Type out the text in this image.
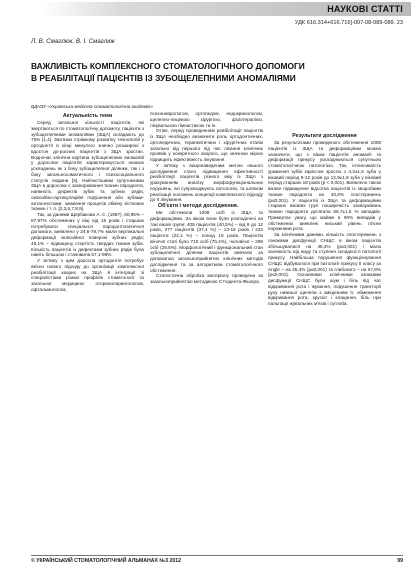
НАУКОВІ СТАТТІ
УДК 616.314+616.716]-007-08-089-089. 23
Л. В. Смаглюк, В. І. Смаглюк
ВАЖЛИВІСТЬ КОМПЛЕКСНОГО СТОМАТОЛОГІЧНОГО ДОПОМОГИ
В РЕАБІЛІТАЦІЇ ПАЦІЄНТІВ ІЗ ЗУБОЩЕЛЕПНИМИ АНОМАЛІЯМИ
ВДНЗУ «Українська медична стоматологічна академія»

Актуальність теми

Серед загальної кількості пацієнтів, які звертаються по стоматологічну допомогу, пацієнти з зубощелепними аномаліями (ЗЩА) складають до 75% [1,4]. Зав'язки стрімкому розвитку технологій у ортодонтії в кінці минулого значно розширені з вдостон до-росних пацієнтів з ЗЩА зростає. Водночас клінічна картина зубощелепних аномалій у дорослих пацієнтів характеризується низкою ускладнень як з боку зубощелепної ділянки, так і з боку загальносоматичного і психосоціального статусів людини [5]. Найчастішими супутниками ЗЩА в дорослих є захворювання тканин пародонта, наявність дефектів зубів та зубних рядів, оклюзійно-артикуляційні порушення або зубами-антагоністами, зниження процесів обміну кісткових тканин і т. п. [2,3,6,7,8,9].

Так, за даними Щербакова А. С. (1987), 60,95% – 87,97% обстежених у віці від 15 років і старших потребувати спеціальної пародонтопатичної допомоги, виявлено у 24,5-79,7% мали вертикальні деформації оклюзійної поверхні зубних рядів; 45,1% – підвищену стертість твердих тканин зубів. Кількість пацієнтів із дефектами зубних рядів була навіть більшою і становила 57,1-98%.

У зв'язку з цим доросла ортодонтія потребує якісно нового підходу до організації комплексної реабілітації хворих на ЗЩА й інтеграції зі спеціалістами різних профілів стоматології та загальної медицини: оториноларингологом, офтальмологом,

психоневрологом, ортопедом, ендокринологом, щелепно-лицевою хірургією, фізіотерапією, лікувальною гімнастикою та ін.

Отже, перед проведенням реабілітації пацієнтів із ЗЩА необхідно визначити роль ортодонтичних, ортопедичних, терапевтичних і хірургічних етапів загально від першого під час лікання клінічних проявів у конкретного хворого, що значною мірою підвищить ефективність лікування.

У зв'язку з вищенаведеним метою нашого дослідження стало підвищення ефективності реабілітації пацієнтів різного віку із ЗЩА з урахуванням аналізу морфофункціональних порушень, які супроводжують патологію, та шляхом реалізації положень концепції комплексного підходу до її лікування.

Об'єкти і методи дослідження.

Ми обстежили 1008 осіб із ЗЩА та деформаціями. За віком вони були розподілені на такі вікові групи: 408 пацієнтів (40,5%) – від 9 до 12 років, 377 пацієнтів (37,4 %) – 13-18 років і 223 пацієнти (22,1 %) – понад 18 років. Пацієнтів жіночої статі було 710 осіб (70,4%), чоловічої – 298 осіб (29,6%). Морфологічний і функціональний стан зубощелепної ділянки пацієнтів вивчали за допомогою загальноприйнятих клінічних методів дослідження та за алгоритмом стоматологічного обстеження.

Статистична обробка матеріалу проведена за загальноприйнятою методикою Ст'юдента-Фішера.

Результати дослідження

За результатами проведеного обстеження 1008 пацієнтів із ЗЩА та деформаціями можна зазначити, що з віком пацієнтів аномалії та деформації прикусу ускладнюються супутньою стоматологічною патологією. Так, інтенсивність ураження зубів карієсом зросла з 4,3±1,5 зуба у віковий період 9-12 років до 12,9±1,8 зуба у віковий період старших 18 років (p < 0,001). Виявлено також вікове підвищення відсотка пацієнтів із хворобами тканин пародонта на 33,8% спостережень (p≤0,001). У пацієнтів із ЗЩА та деформаціями старших вікових груп поширеність захворювань тканин пародонта досягала 88,7±1,5 % випадків. Привертає увагу, що майже в 90% випадків у обстежених виявлені ниський рівень гігієни порожнини рота.

За клінічними даними, кількість спостережень з ознаками дисфункції СНЩС в віком пацієнтів збільшувалася на 48,4% (p≤0,001) і мала залежність від виду та ступеня складності патології прикусу. Найбільша порушення функціонування СНЩС відбувалося при патології прикусу II класу за Angle – на 45,4% (p≤0,001) та глибокого – на 67,8% (p≤0,001). Основними клінічними ознаками дисфункції СНЩС були шум і біль під час відкривання рота і жування, порушення траєкторії руху нижньої щелепи з зміщенням її, обмеження відкривання рота, хрускіт і клацання, біль при пальпації жувальних м'язів і суглоба.

© УКРАЇНСЬКИЙ СТОМАТОЛОГІЧНИЙ АЛЬМАНАХ №3 2012	99
